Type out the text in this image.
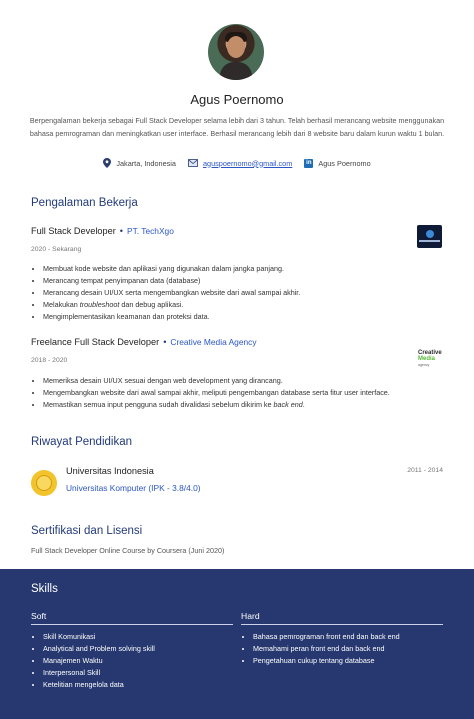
Agus Poernomo
Berpengalaman bekerja sebagai Full Stack Developer selama lebih dari 3 tahun. Telah berhasil merancang website menggunakan bahasa pemrograman dan meningkatkan user interface. Berhasil merancang lebih dari 8 website baru dalam kurun waktu 1 bulan.
Jakarta, Indonesia	aguspoernomo@gmail.com	in Agus Poernomo
Pengalaman Bekerja
Full Stack Developer • PT. TechXgo
2020 - Sekarang
• Membuat kode website dan aplikasi yang digunakan dalam jangka panjang.
• Merancang tempat penyimpanan data (database)
• Merancang desain UI/UX serta mengembangkan website dari awal sampai akhir.
• Melakukan troubleshoot dan debug aplikasi.
• Mengimplementasikan keamanan dan proteksi data.
Freelance Full Stack Developer • Creative Media Agency
Creative
Media
agency
2018 - 2020
• Memeriksa desain UI/UX sesuai dengan web development yang dirancang.
• Mengembangkan website dari awal sampai akhir, meliputi pengembangan database serta fitur user interface.
• Memastikan semua input pengguna sudah divalidasi sebelum dikirim ke back end.
Riwayat Pendidikan
Universitas Indonesia
Universitas Komputer (IPK - 3.8/4.0)
2011 - 2014
Sertifikasi dan Lisensi
Full Stack Developer Online Course by Coursera (Juni 2020)
Skills
Soft
• Skill Komunikasi
• Analytical and Problem solving skill
• Manajemen Waktu
• Interpersonal Skill
• Ketelitian mengelola data
Hard
• Bahasa pemrograman front end dan back end
• Memahami peran front end dan back end
• Pengetahuan cukup tentang database
